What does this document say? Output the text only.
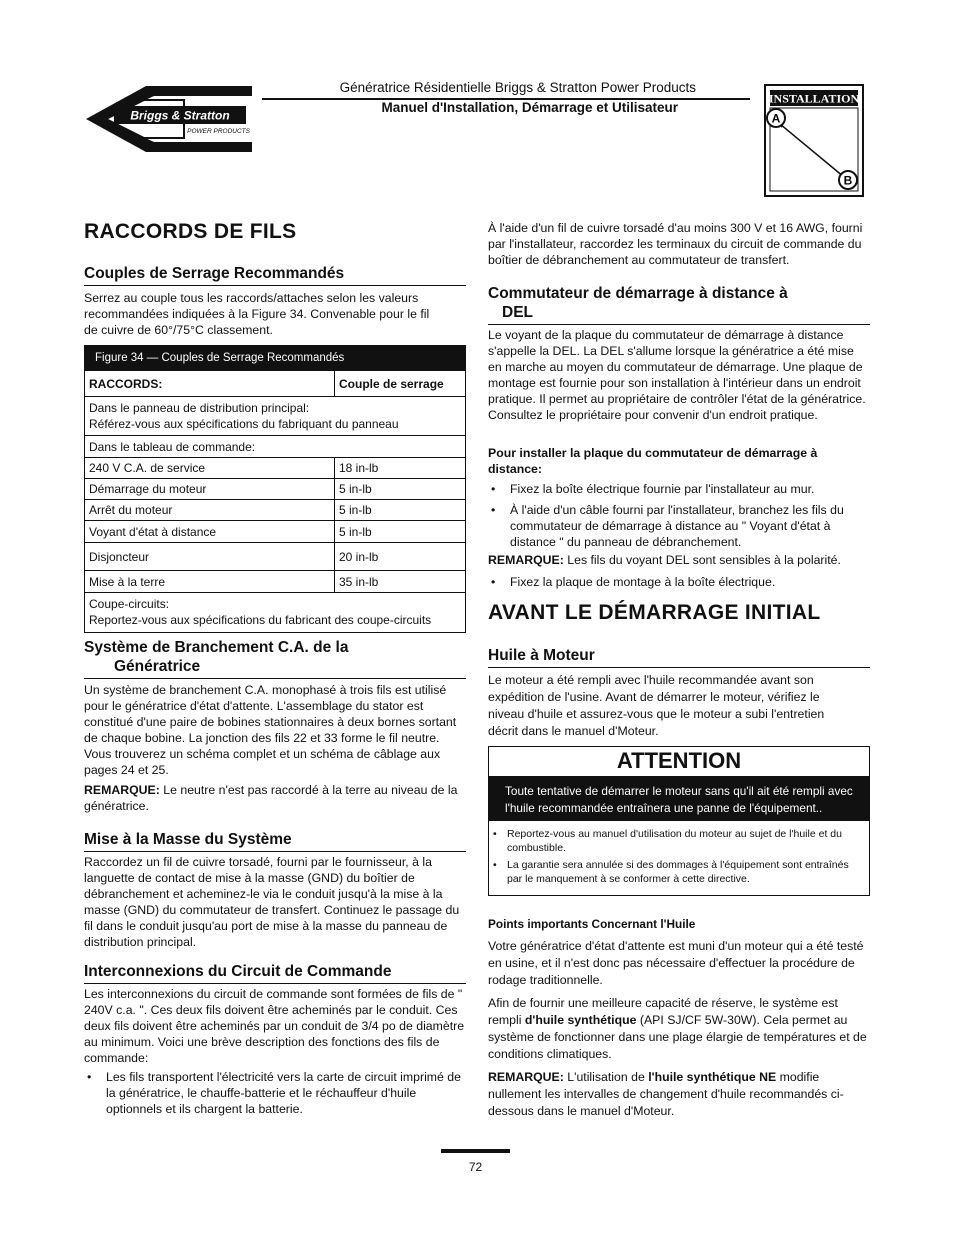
Briggs & Stratton
POWER PRODUCTS
Génératrice Résidentielle Briggs & Stratton Power Products
Manuel d'Installation, Démarrage et Utilisateur
INSTALLATION
A
B
RACCORDS DE FILS
Couples de Serrage Recommandés

Serrez au couple tous les raccords/attaches selon les valeurs recommandées indiquées à la Figure 34. Convenable pour le fil de cuivre de 60°/75°C classement.

Figure 34 — Couples de Serrage Recommandés
RACCORDS:	Couple de serrage

Dans le panneau de distribution principal:
Référez-vous aux spécifications du fabriquant du panneau	

Dans le tableau de commande:	
240 V C.A. de service	18 in-lb
Démarrage du moteur	5 in-lb
Arrêt du moteur	5 in-lb
Voyant d'état à distance	5 in-lb
Disjoncteur	20 in-lb
Mise à la terre	35 in-lb

Coupe-circuits:
Reportez-vous aux spécifications du fabricant des coupe-circuits	
Système de Branchement C.A. de la
Génératrice

Un système de branchement C.A. monophasé à trois fils est utilisé pour le génératrice d'état d'attente. L'assemblage du stator est constitué d'une paire de bobines stationnaires à deux bornes sortant de chaque bobine. La jonction des fils 22 et 33 forme le fil neutre. Vous trouverez un schéma complet et un schéma de câblage aux pages 24 et 25.

REMARQUE: Le neutre n'est pas raccordé à la terre au niveau de la génératrice.

Mise à la Masse du Système

Raccordez un fil de cuivre torsadé, fourni par le fournisseur, à la languette de contact de mise à la masse (GND) du boîtier de débranchement et acheminez-le via le conduit jusqu'à la mise à la masse (GND) du commutateur de transfert. Continuez le passage du fil dans le conduit jusqu'au port de mise à la masse du panneau de distribution principal.

Interconnexions du Circuit de Commande

Les interconnexions du circuit de commande sont formées de fils de " 240V c.a. ". Ces deux fils doivent être acheminés par le conduit. Ces deux fils doivent être acheminés par un conduit de 3/4 po de diamètre au minimum. Voici une brève description des fonctions des fils de commande:

• Les fils transportent l'électricité vers la carte de circuit imprimé de la génératrice, le chauffe-batterie et le réchauffeur d'huile optionnels et ils chargent la batterie.

À l'aide d'un fil de cuivre torsadé d'au moins 300 V et 16 AWG, fourni par l'installateur, raccordez les terminaux du circuit de commande du boîtier de débranchement au commutateur de transfert.

Commutateur de démarrage à distance à
DEL

Le voyant de la plaque du commutateur de démarrage à distance s'appelle la DEL. La DEL s'allume lorsque la génératrice a été mise en marche au moyen du commutateur de démarrage. Une plaque de montage est fournie pour son installation à l'intérieur dans un endroit pratique. Il permet au propriétaire de contrôler l'état de la génératrice. Consultez le propriétaire pour convenir d'un endroit pratique.

Pour installer la plaque du commutateur de démarrage à distance:

• Fixez la boîte électrique fournie par l'installateur au mur.
• À l'aide d'un câble fourni par l'installateur, branchez les fils du commutateur de démarrage à distance au " Voyant d'état à distance " du panneau de débranchement.

REMARQUE: Les fils du voyant DEL sont sensibles à la polarité.

• Fixez la plaque de montage à la boîte électrique.
AVANT LE DÉMARRAGE INITIAL
Huile à Moteur

Le moteur a été rempli avec l'huile recommandée avant son expédition de l'usine. Avant de démarrer le moteur, vérifiez le niveau d'huile et assurez-vous que le moteur a subi l'entretien décrit dans le manuel d'Moteur.

ATTENTION
Toute tentative de démarrer le moteur sans qu'il ait été rempli avec l'huile recommandée entraînera une panne de l'équipement..
• Reportez-vous au manuel d'utilisation du moteur au sujet de l'huile et du combustible.
• La garantie sera annulée si des dommages à l'équipement sont entraînés par le manquement à se conformer à cette directive.

Points importants Concernant l'Huile

Votre génératrice d'état d'attente est muni d'un moteur qui a été testé en usine, et il n'est donc pas nécessaire d'effectuer la procédure de rodage traditionnelle.

Afin de fournir une meilleure capacité de réserve, le système est rempli d'huile synthétique (API SJ/CF 5W-30W). Cela permet au système de fonctionner dans une plage élargie de températures et de conditions climatiques.

REMARQUE: L'utilisation de l'huile synthétique NE modifie nullement les intervalles de changement d'huile recommandés ci-dessous dans le manuel d'Moteur.

72
